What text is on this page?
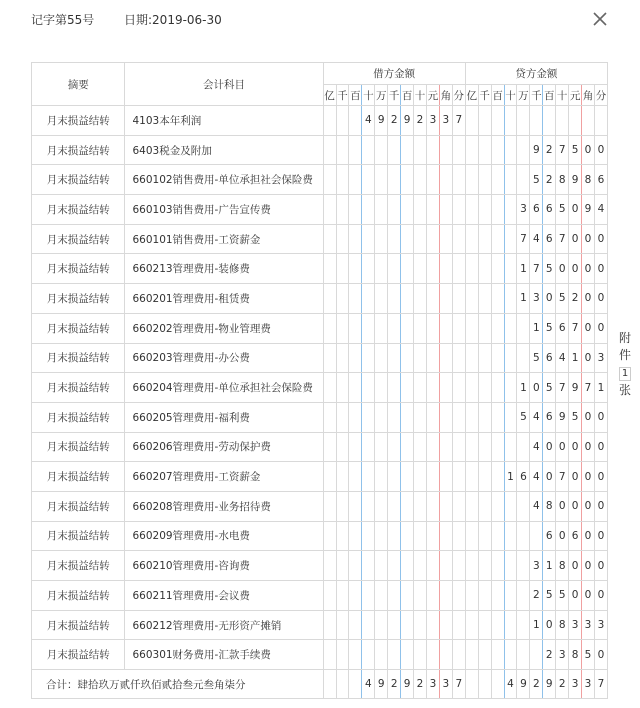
记字第55号 日期:2019-06-30
摘要	会计科目	借方金额											贷方金额										
		亿	千	百	十	万	千	百	十	元	角	分	亿	千	百	十	万	千	百	十	元	角	分
月末损益结转	4103本年利润				4	9	2	9	2	3	3	7											
月末损益结转	6403税金及附加																	9	2	7	5	0	0
月末损益结转	660102销售费用-单位承担社会保险费																	5	2	8	9	8	6
月末损益结转	660103销售费用-广告宣传费																3	6	6	5	0	9	4
月末损益结转	660101销售费用-工资薪金																7	4	6	7	0	0	0
月末损益结转	660213管理费用-装修费																1	7	5	0	0	0	0
月末损益结转	660201管理费用-租赁费																1	3	0	5	2	0	0
月末损益结转	660202管理费用-物业管理费																	1	5	6	7	0	0
月末损益结转	660203管理费用-办公费																	5	6	4	1	0	3
月末损益结转	660204管理费用-单位承担社会保险费																1	0	5	7	9	7	1
月末损益结转	660205管理费用-福利费																5	4	6	9	5	0	0
月末损益结转	660206管理费用-劳动保护费																	4	0	0	0	0	0
月末损益结转	660207管理费用-工资薪金															1	6	4	0	7	0	0	0
月末损益结转	660208管理费用-业务招待费																	4	8	0	0	0	0
月末损益结转	660209管理费用-水电费																		6	0	6	0	0
月末损益结转	660210管理费用-咨询费																	3	1	8	0	0	0
月末损益结转	660211管理费用-会议费																	2	5	5	0	0	0
月末损益结转	660212管理费用-无形资产摊销																	1	0	8	3	3	3
月末损益结转	660301财务费用-汇款手续费																		2	3	8	5	0
合计：肆拾玖万贰仟玖佰贰拾叁元叁角柒分					4	9	2	9	2	3	3	7				4	9	2	9	2	3	3	7
附
件
1
张
